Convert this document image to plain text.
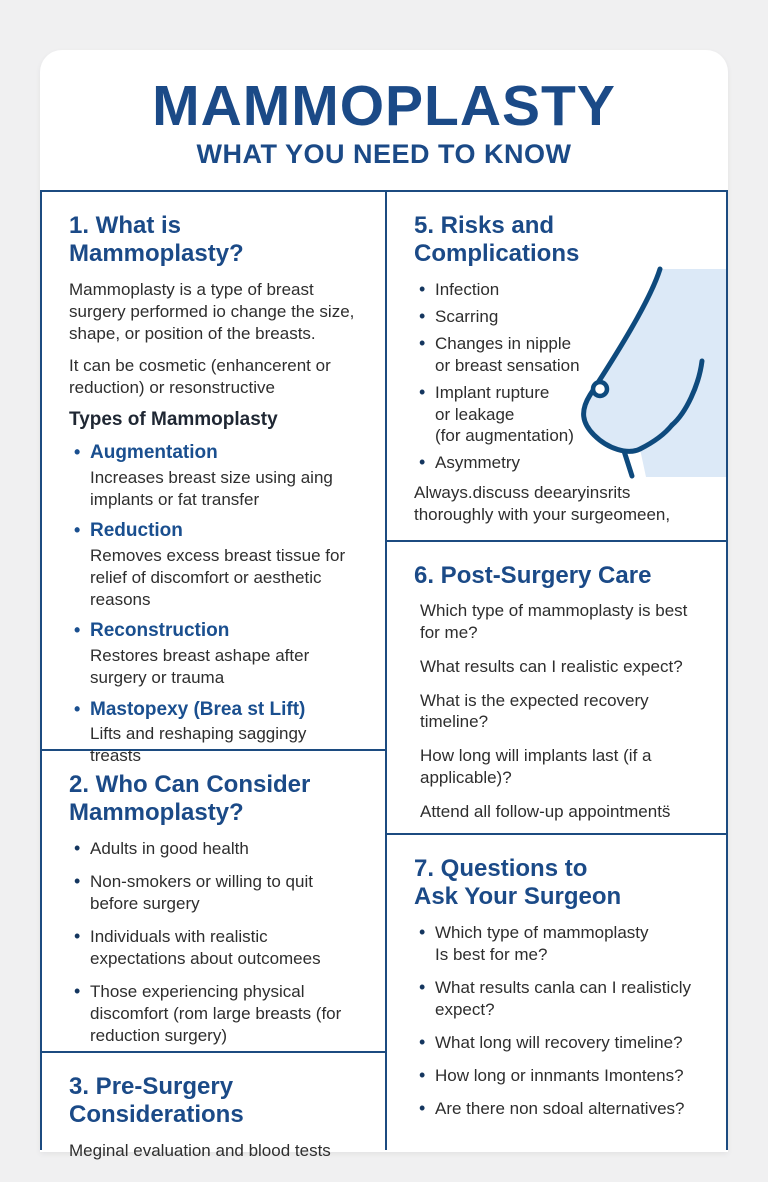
MAMMOPLASTY
WHAT YOU NEED TO KNOW
1. What is Mammoplasty?

Mammoplasty is a type of breast surgery performed io change the size, shape, or position of the breasts.

It can be cosmetic (enhancerent or reduction) or resonstructive

Types of Mammoplasty
• Augmentation
Increases breast size using aing implants or fat transfer
• Reduction
Removes excess breast tissue for relief of discomfort or aesthetic reasons
• Reconstruction
Restores breast ashape after surgery or trauma
• Mastopexy (Brea st Lift)
Lifts and reshaping saggingy treasts
2. Who Can Consider
Mammoplasty?
• Adults in good health
• Non-smokers or willing to quit before surgery
• Individuals with realistic expectations about outcomees
• Those experiencing physical discomfort (rom large breasts (for reduction surgery)
3. Pre-Surgery
Considerations

Meginal evaluation and blood tests

5. Risks and
Complications
• Infection
• Scarring
• Changes in nipple
or breast sensation
• Implant rupture
or leakage
(for augmentation)
• Asymmetry

Always.discuss deearyinsrits thoroughly with your surgeomeen,

6. Post-Surgery Care

Which type of mammoplasty is best for me?

What results can I realistic expect?

What is the expected recovery timeline?

How long will implants last (if a applicable)?

Attend all follow-up appointments̈

7. Questions to
Ask Your Surgeon
• Which type of mammoplasty
Is best for me?
• What results canla can I realisticly expect?
• What long will recovery timeline?
• How long or innmants Imontens?
• Are there non sdoal alternatives?
